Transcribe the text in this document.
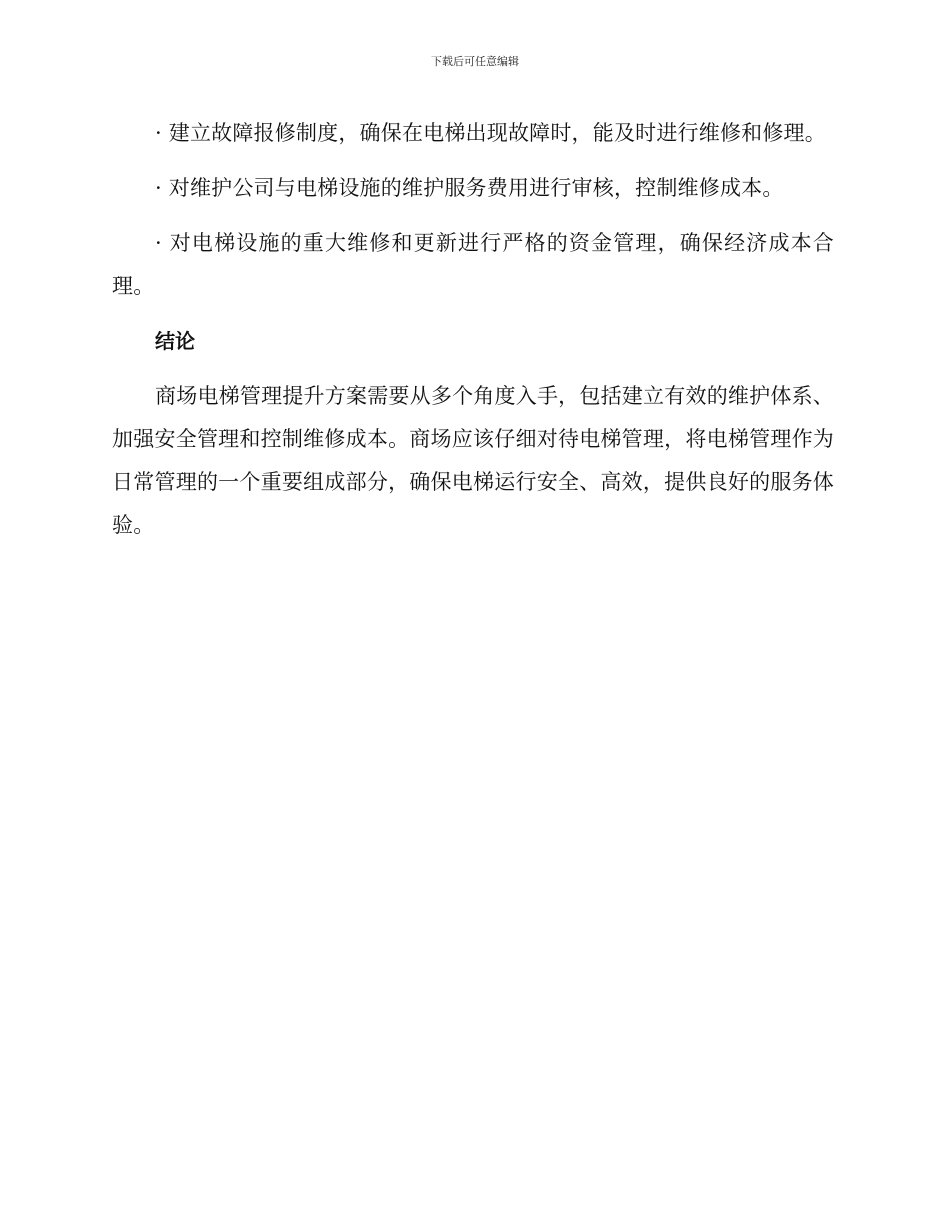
下载后可任意编辑

· 建立故障报修制度，确保在电梯出现故障时，能及时进行维修和修理。

· 对维护公司与电梯设施的维护服务费用进行审核，控制维修成本。

· 对电梯设施的重大维修和更新进行严格的资金管理，确保经济成本合理。

结论

商场电梯管理提升方案需要从多个角度入手，包括建立有效的维护体系、加强安全管理和控制维修成本。商场应该仔细对待电梯管理，将电梯管理作为日常管理的一个重要组成部分，确保电梯运行安全、高效，提供良好的服务体验。
